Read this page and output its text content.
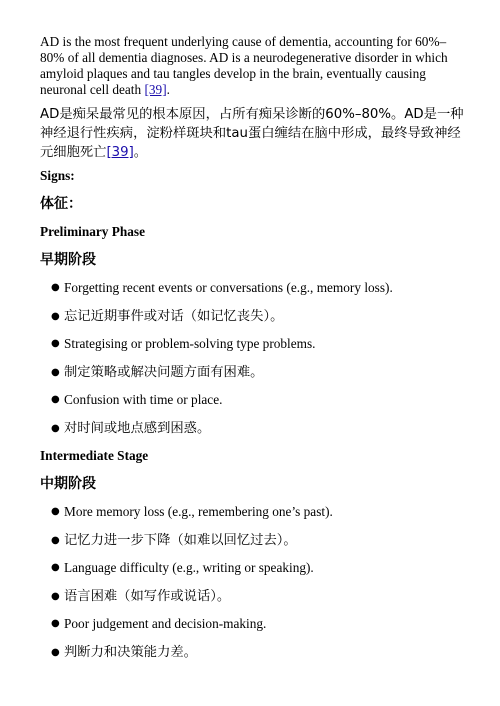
AD is the most frequent underlying cause of dementia, accounting for 60%–80% of all dementia diagnoses. AD is a neurodegenerative disorder in which amyloid plaques and tau tangles develop in the brain, eventually causing neuronal cell death [39].

AD是痴呆最常见的根本原因，占所有痴呆诊断的60%–80%。AD是一种神经退行性疾病，淀粉样斑块和tau蛋白缠结在脑中形成，最终导致神经元细胞死亡[39]。

Signs:

体征：

Preliminary Phase

早期阶段

● Forgetting recent events or conversations (e.g., memory loss).
● 忘记近期事件或对话（如记忆丧失）。
● Strategising or problem-solving type problems.
● 制定策略或解决问题方面有困难。
● Confusion with time or place.
● 对时间或地点感到困惑。

Intermediate Stage

中期阶段

● More memory loss (e.g., remembering one’s past).
● 记忆力进一步下降（如难以回忆过去）。
● Language difficulty (e.g., writing or speaking).
● 语言困难（如写作或说话）。
● Poor judgement and decision-making.
● 判断力和决策能力差。
